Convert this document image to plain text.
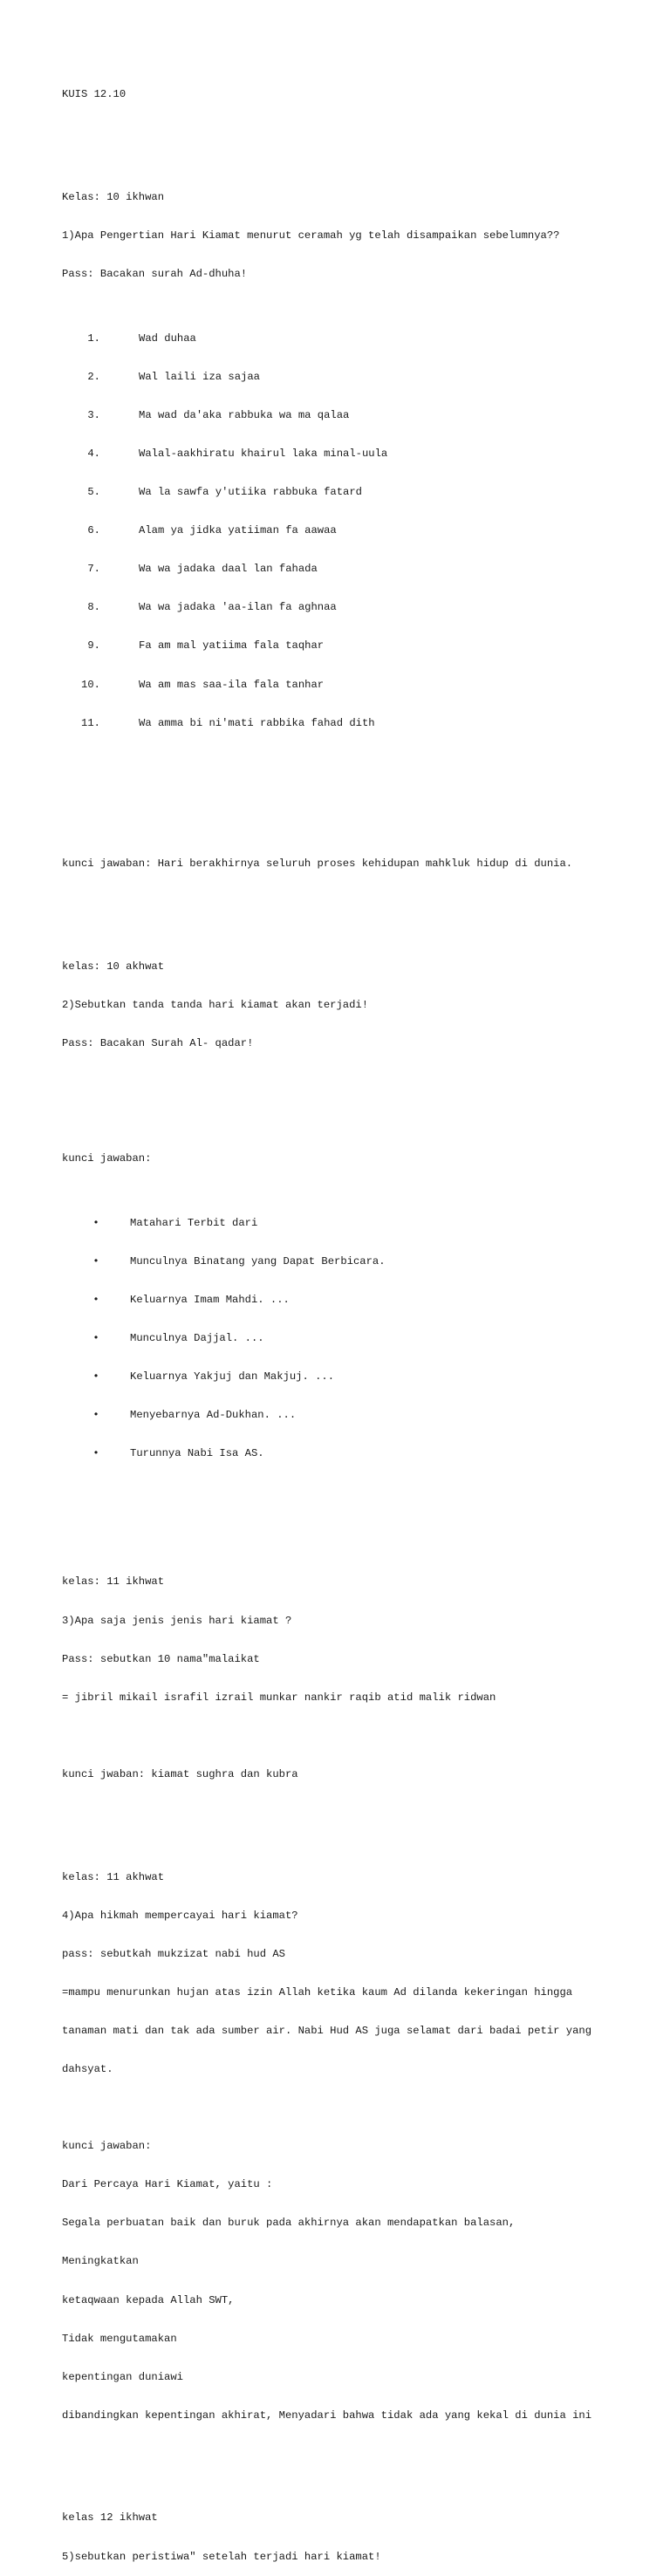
KUIS 12.10

Kelas: 10 ikhwan

1)Apa Pengertian Hari Kiamat menurut ceramah yg telah disampaikan sebelumnya??

Pass: Bacakan surah Ad-dhuha!

1.	Wad duhaa

2.	Wal laili iza sajaa

3.	Ma wad da'aka rabbuka wa ma qalaa

4.	Walal-aakhiratu khairul laka minal-uula

5.	Wa la sawfa y'utiika rabbuka fatard

6.	Alam ya jidka yatiiman fa aawaa

7.	Wa wa jadaka daal lan fahada

8.	Wa wa jadaka 'aa-ilan fa aghnaa

9.	Fa am mal yatiima fala taqhar

10.	Wa am mas saa-ila fala tanhar

11.	Wa amma bi ni'mati rabbika fahad dith

kunci jawaban: Hari berakhirnya seluruh proses kehidupan mahkluk hidup di dunia.

kelas: 10 akhwat

2)Sebutkan tanda tanda hari kiamat akan terjadi!

Pass: Bacakan Surah Al- qadar!

kunci jawaban:

•	Matahari Terbit dari

•	Munculnya Binatang yang Dapat Berbicara.

•	Keluarnya Imam Mahdi. ...

•	Munculnya Dajjal. ...

•	Keluarnya Yakjuj dan Makjuj. ...

•	Menyebarnya Ad-Dukhan. ...

•	Turunnya Nabi Isa AS.

kelas: 11 ikhwat

3)Apa saja jenis jenis hari kiamat ?

Pass: sebutkan 10 nama"malaikat

= jibril mikail israfil izrail munkar nankir raqib atid malik ridwan

kunci jwaban: kiamat sughra dan kubra

kelas: 11 akhwat

4)Apa hikmah mempercayai hari kiamat?

pass: sebutkah mukzizat nabi hud AS

=mampu menurunkan hujan atas izin Allah ketika kaum Ad dilanda kekeringan hingga

tanaman mati dan tak ada sumber air. Nabi Hud AS juga selamat dari badai petir yang

dahsyat.

kunci jawaban:

Dari Percaya Hari Kiamat, yaitu :

Segala perbuatan baik dan buruk pada akhirnya akan mendapatkan balasan,

Meningkatkan

ketaqwaan kepada Allah SWT,

Tidak mengutamakan

kepentingan duniawi

dibandingkan kepentingan akhirat, Menyadari bahwa tidak ada yang kekal di dunia ini

kelas 12 ikhwat

5)sebutkan peristiwa" setelah terjadi hari kiamat!
